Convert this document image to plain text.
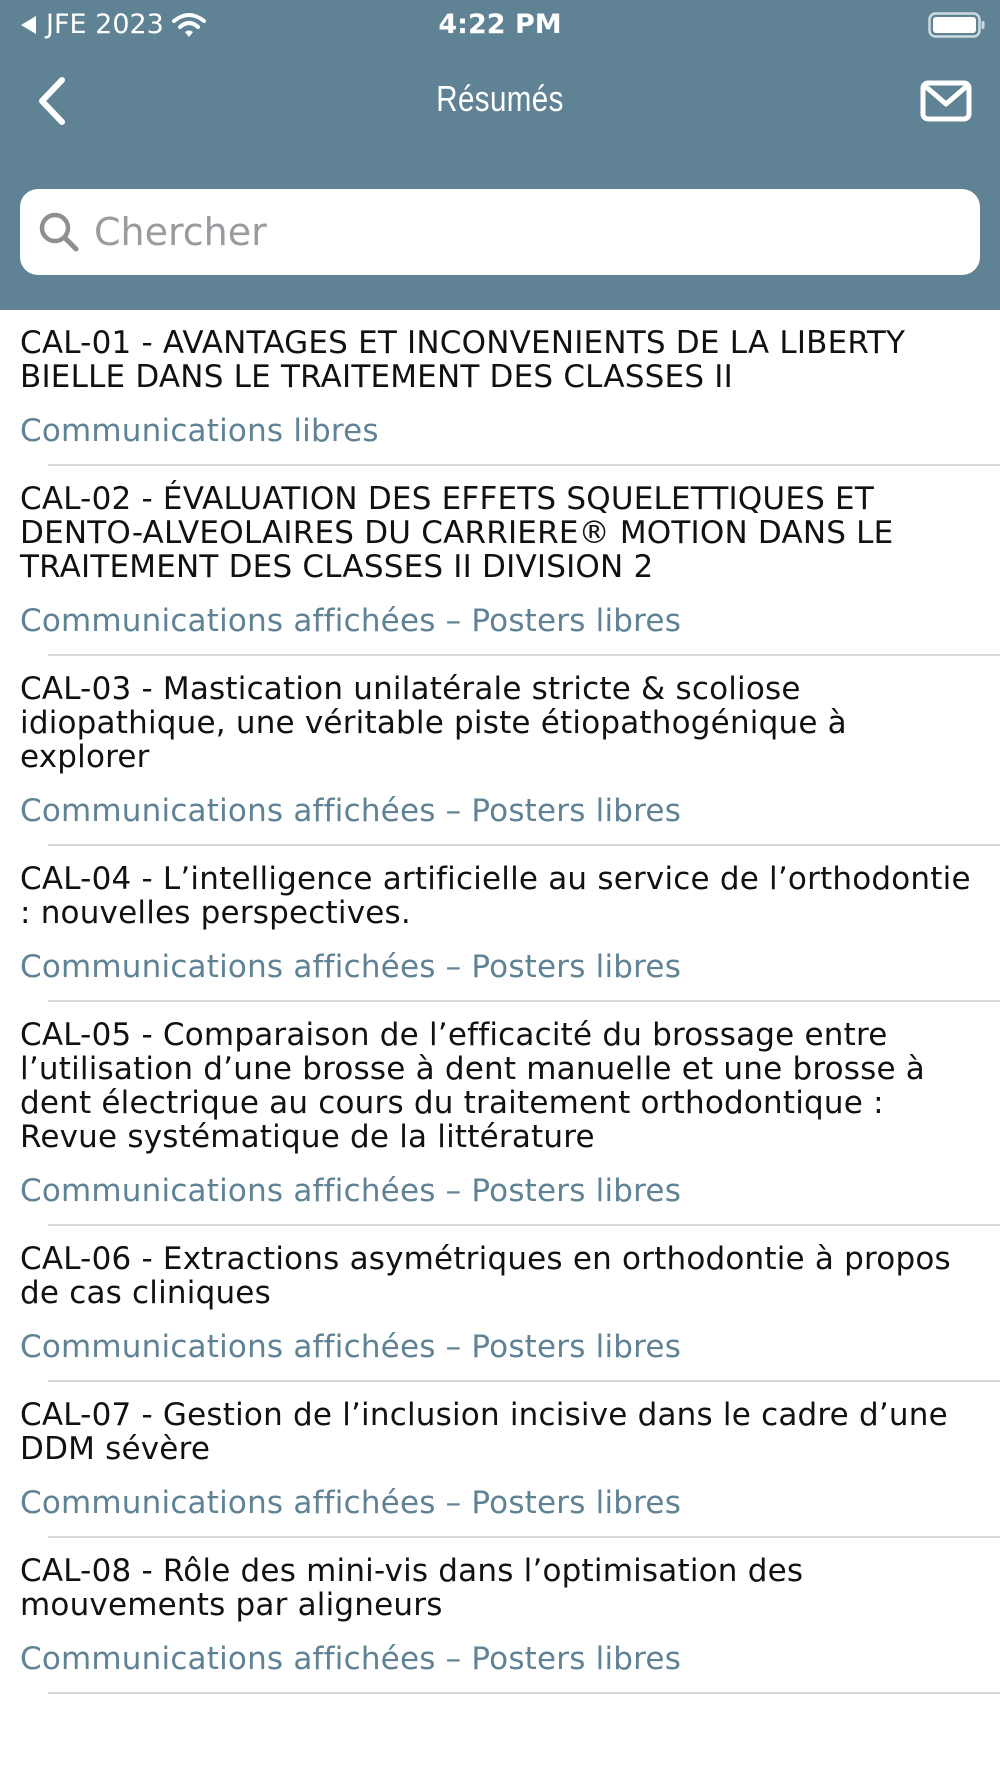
JFE 2023	4:22 PM
Résumés
Chercher
CAL-01 - AVANTAGES ET INCONVENIENTS DE LA LIBERTY BIELLE DANS LE TRAITEMENT DES CLASSES II
Communications libres
CAL-02 - ÉVALUATION DES EFFETS SQUELETTIQUES ET DENTO-ALVEOLAIRES DU CARRIERE® MOTION DANS LE TRAITEMENT DES CLASSES II DIVISION 2
Communications affichées – Posters libres
CAL-03 - Mastication unilatérale stricte & scoliose idiopathique, une véritable piste étiopathogénique à explorer
Communications affichées – Posters libres
CAL-04 - L’intelligence artificielle au service de l’orthodontie : nouvelles perspectives.
Communications affichées – Posters libres
CAL-05 - Comparaison de l’efficacité du brossage entre l’utilisation d’une brosse à dent manuelle et une brosse à dent électrique au cours du traitement orthodontique : Revue systématique de la littérature
Communications affichées – Posters libres
CAL-06 - Extractions asymétriques en orthodontie à propos de cas cliniques
Communications affichées – Posters libres
CAL-07 - Gestion de l’inclusion incisive dans le cadre d’une DDM sévère
Communications affichées – Posters libres
CAL-08 - Rôle des mini-vis dans l’optimisation des mouvements par aligneurs
Communications affichées – Posters libres
